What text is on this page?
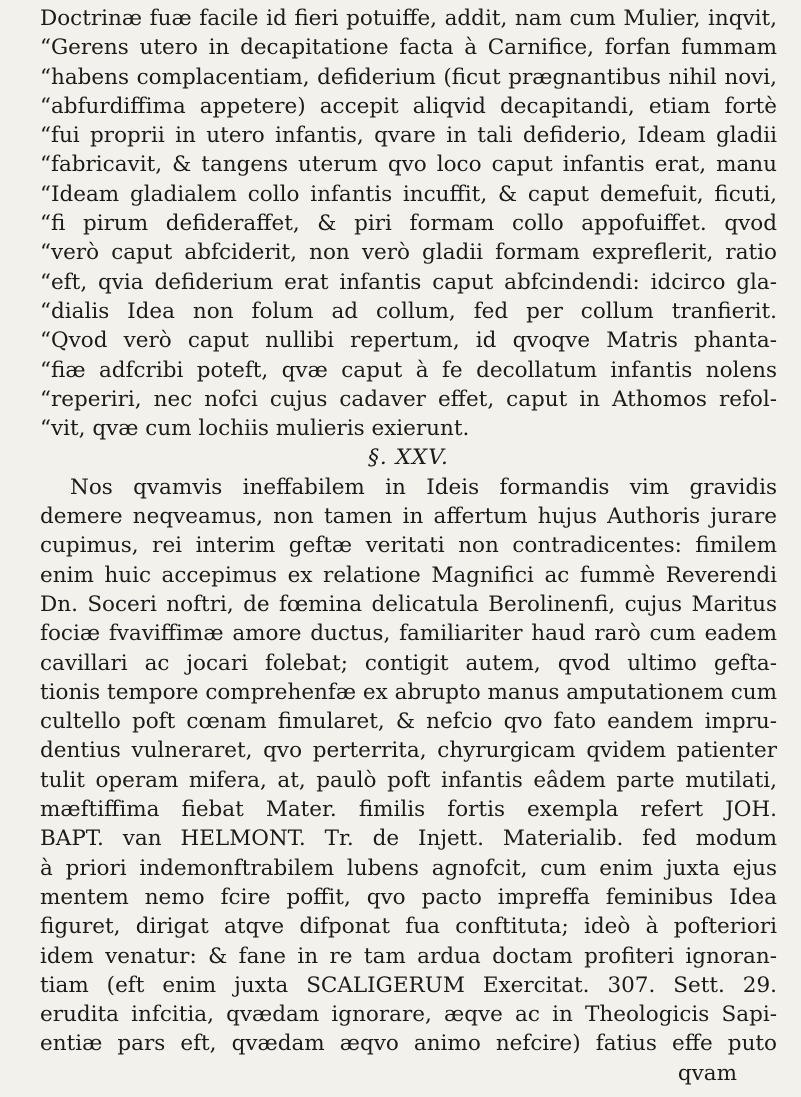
Doctrinæ fuæ facile id fieri potuiffe, addit, nam cum Mulier, inqvit,
“Gerens utero in decapitatione facta à Carnifice, forfan fummam
“habens complacentiam, defiderium (ficut prægnantibus nihil novi,
“abfurdiffima appetere) accepit aliqvid decapitandi, etiam fortè
“fui proprii in utero infantis, qvare in tali defiderio, Ideam gladii
“fabricavit, & tangens uterum qvo loco caput infantis erat, manu
“Ideam gladialem collo infantis incuffit, & caput demefuit, ficuti,
“fi pirum defideraffet, & piri formam collo appofuiffet. qvod
“verò caput abfciderit, non verò gladii formam expreflerit, ratio
“eft, qvia defiderium erat infantis caput abfcindendi: idcirco gla-
“dialis Idea non folum ad collum, fed per collum tranfierit.
“Qvod verò caput nullibi repertum, id qvoqve Matris phanta-
“fiæ adfcribi poteft, qvæ caput à fe decollatum infantis nolens
“reperiri, nec nofci cujus cadaver effet, caput in Athomos refol-
“vit, qvæ cum lochiis mulieris exierunt.
§. XXV.
Nos qvamvis ineffabilem in Ideis formandis vim gravidis
demere neqveamus, non tamen in affertum hujus Authoris jurare
cupimus, rei interim geftæ veritati non contradicentes: fimilem
enim huic accepimus ex relatione Magnifici ac fummè Reverendi
Dn. Soceri noftri, de fœmina delicatula Berolinenfi, cujus Maritus
fociæ fvaviffimæ amore ductus, familiariter haud rarò cum eadem
cavillari ac jocari folebat; contigit autem, qvod ultimo gefta-
tionis tempore comprehenfæ ex abrupto manus amputationem cum
cultello poft cœnam fimularet, & nefcio qvo fato eandem impru-
dentius vulneraret, qvo perterrita, chyrurgicam qvidem patienter
tulit operam mifera, at, paulò poft infantis eâdem parte mutilati,
mæftiffima fiebat Mater. fimilis fortis exempla refert JOH.
BAPT. van HELMONT. Tr. de Injett. Materialib. fed modum
à priori indemonftrabilem lubens agnofcit, cum enim juxta ejus
mentem nemo fcire poffit, qvo pacto impreffa feminibus Idea
figuret, dirigat atqve difponat fua conftituta; ideò à pofteriori
idem venatur: & fane in re tam ardua doctam profiteri ignoran-
tiam (eft enim juxta SCALIGERUM Exercitat. 307. Sett. 29.
erudita infcitia, qvædam ignorare, æqve ac in Theologicis Sapi-
entiæ pars eft, qvædam æqvo animo nefcire) fatius effe puto
qvam
